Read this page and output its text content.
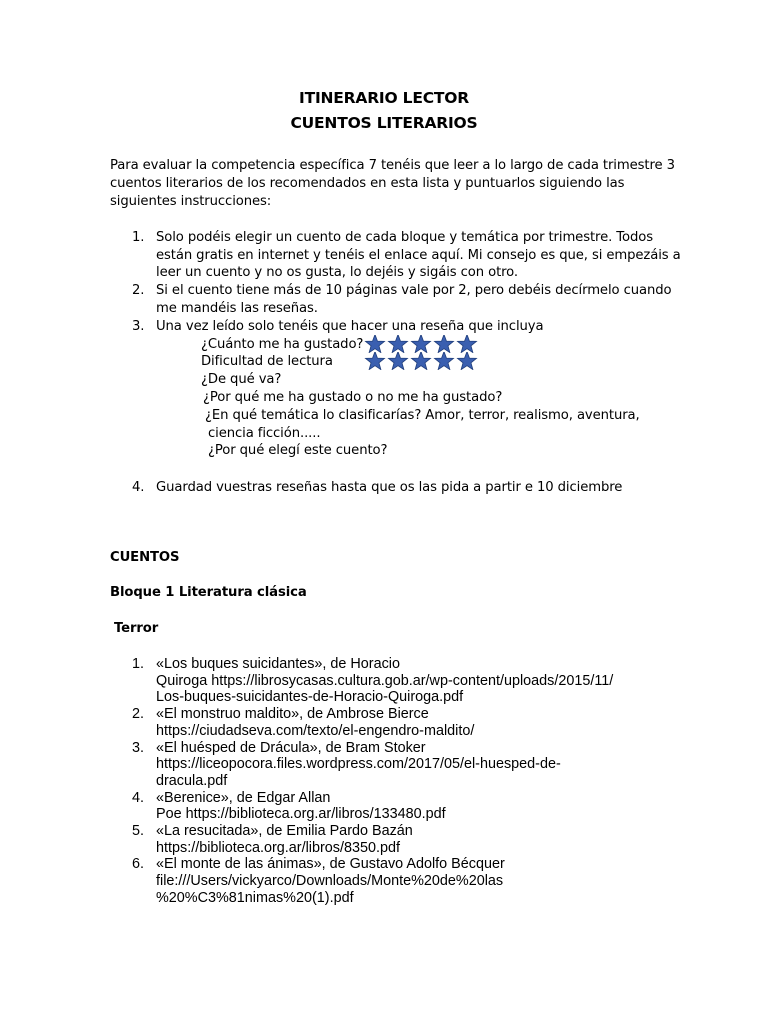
ITINERARIO LECTOR
CUENTOS LITERARIOS
Para evaluar la competencia específica 7 tenéis que leer a lo largo de cada trimestre 3
cuentos literarios de los recomendados en esta lista y puntuarlos siguiendo las
siguientes instrucciones:
1. Solo podéis elegir un cuento de cada bloque y temática por trimestre. Todos
están gratis en internet y tenéis el enlace aquí. Mi consejo es que, si empezáis a
leer un cuento y no os gusta, lo dejéis y sigáis con otro.
2. Si el cuento tiene más de 10 páginas vale por 2, pero debéis decírmelo cuando
me mandéis las reseñas.
3. Una vez leído solo tenéis que hacer una reseña que incluya
¿Cuánto me ha gustado?
Dificultad de lectura
¿De qué va?
¿Por qué me ha gustado o no me ha gustado?
¿En qué temática lo clasificarías? Amor, terror, realismo, aventura,
ciencia ficción.....
¿Por qué elegí este cuento?
4. Guardad vuestras reseñas hasta que os las pida a partir e 10 diciembre
CUENTOS
Bloque 1 Literatura clásica
Terror
1. «Los buques suicidantes», de Horacio
Quiroga https://librosycasas.cultura.gob.ar/wp-content/uploads/2015/11/
Los-buques-suicidantes-de-Horacio-Quiroga.pdf
2. «El monstruo maldito», de Ambrose Bierce
https://ciudadseva.com/texto/el-engendro-maldito/
3. «El huésped de Drácula», de Bram Stoker
https://liceopocora.files.wordpress.com/2017/05/el-huesped-de-
dracula.pdf
4. «Berenice», de Edgar Allan
Poe https://biblioteca.org.ar/libros/133480.pdf
5. «La resucitada», de Emilia Pardo Bazán
https://biblioteca.org.ar/libros/8350.pdf
6. «El monte de las ánimas», de Gustavo Adolfo Bécquer
file:///Users/vickyarco/Downloads/Monte%20de%20las
%20%C3%81nimas%20(1).pdf
